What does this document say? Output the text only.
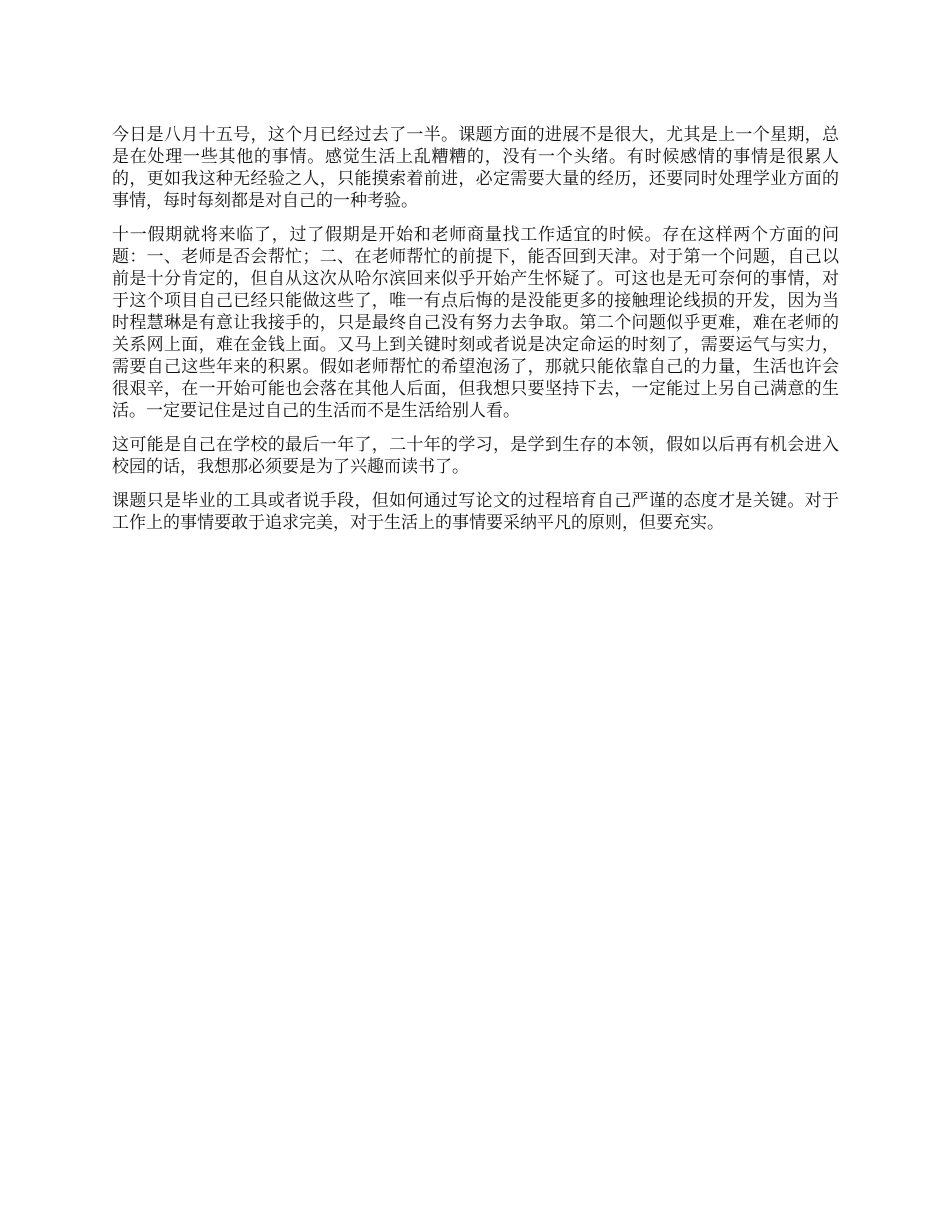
今日是八月十五号，这个月已经过去了一半。课题方面的进展不是很大，尤其是上一个星期，总是在处理一些其他的事情。感觉生活上乱糟糟的，没有一个头绪。有时候感情的事情是很累人的，更如我这种无经验之人，只能摸索着前进，必定需要大量的经历，还要同时处理学业方面的事情，每时每刻都是对自己的一种考验。

十一假期就将来临了，过了假期是开始和老师商量找工作适宜的时候。存在这样两个方面的问题：一、老师是否会帮忙；二、在老师帮忙的前提下，能否回到天津。对于第一个问题，自己以前是十分肯定的，但自从这次从哈尔滨回来似乎开始产生怀疑了。可这也是无可奈何的事情，对于这个项目自己已经只能做这些了，唯一有点后悔的是没能更多的接触理论线损的开发，因为当时程慧琳是有意让我接手的，只是最终自己没有努力去争取。第二个问题似乎更难，难在老师的关系网上面，难在金钱上面。又马上到关键时刻或者说是决定命运的时刻了，需要运气与实力，需要自己这些年来的积累。假如老师帮忙的希望泡汤了，那就只能依靠自己的力量，生活也许会很艰辛，在一开始可能也会落在其他人后面，但我想只要坚持下去，一定能过上另自己满意的生活。一定要记住是过自己的生活而不是生活给别人看。

这可能是自己在学校的最后一年了，二十年的学习，是学到生存的本领，假如以后再有机会进入校园的话，我想那必须要是为了兴趣而读书了。

课题只是毕业的工具或者说手段，但如何通过写论文的过程培育自己严谨的态度才是关键。对于工作上的事情要敢于追求完美，对于生活上的事情要采纳平凡的原则，但要充实。
